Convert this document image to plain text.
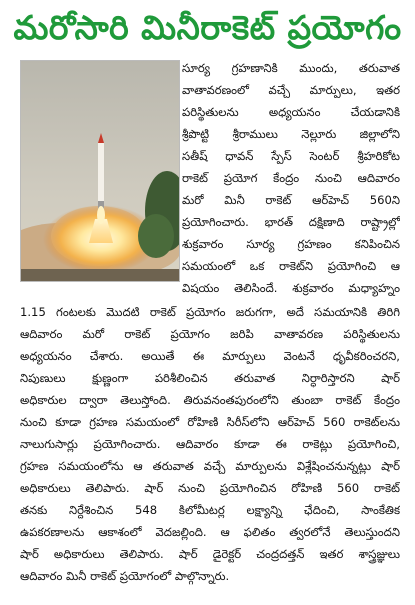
మరోసారి మినీరాకెట్ ప్రయోగం
సూర్య గ్రహణానికి ముందు, తరువాత
వాతావరణంలో వచ్చే మార్పులు, ఇతర
పరిస్థితులను అధ్యయనం చేయడానికి
శ్రీపొట్టి శ్రీరాములు నెల్లూరు జిల్లాలోని
సతీష్ ధావన్ స్పేస్ సెంటర్ శ్రీహరికోట
రాకెట్ ప్రయోగ కేంద్రం నుంచి ఆదివారం
మరో మినీ రాకెట్ ఆర్‌హెచ్ 560ని
ప్రయోగించారు. భారత్ దక్షిణాది రాష్ట్రాల్లో
శుక్రవారం సూర్య గ్రహణం కనిపించిన
సమయంలో ఒక రాకెట్‌ని ప్రయోగించి ఆ
విషయం తెలిసిందే. శుక్రవారం మధ్యాహ్నం
1.15 గంటలకు మొదటి రాకెట్ ప్రయోగం జరుగగా, అదే సమయానికి తిరిగి
ఆదివారం మరో రాకెట్ ప్రయోగం జరిపి వాతావరణ పరిస్థితులను
అధ్యయనం చేశారు. అయితే ఈ మార్పులు వెంటనే ధృవీకరించరని,
నిపుణులు క్షుణ్ణంగా పరిశీలించిన తరువాత నిర్ధారిస్తారని షార్
అధికారుల ద్వారా తెలుస్తోంది. తిరువనంతపురంలోని తుంబా రాకెట్ కేంద్రం
నుంచి కూడా గ్రహణ సమయంలో రోహిణి సిరీస్‌లోని ఆర్‌హెచ్ 560 రాకెట్‌లను
నాలుగుసార్లు ప్రయోగించారు. ఆదివారం కూడా ఈ రాకెట్లు ప్రయోగించి,
గ్రహణ సమయంలోను ఆ తరువాత వచ్చే మార్పులను విశ్లేషించనున్నట్లు షార్
అధికారులు తెలిపారు. షార్ నుంచి ప్రయోగించిన రోహిణి 560 రాకెట్
తనకు నిర్దేశించిన 548 కిలోమీటర్ల లక్ష్యాన్ని ఛేదించి, సాంకేతిక
ఉపకరణాలను ఆకాశంలో వెదజల్లింది. ఆ ఫలితం త్వరలోనే తెలుస్తుందని
షార్ అధికారులు తెలిపారు. షార్ డైరెక్టర్ చంద్రదత్తన్ ఇతర శాస్త్రజ్ఞులు
ఆదివారం మినీ రాకెట్ ప్రయోగంలో పాల్గొన్నారు.
